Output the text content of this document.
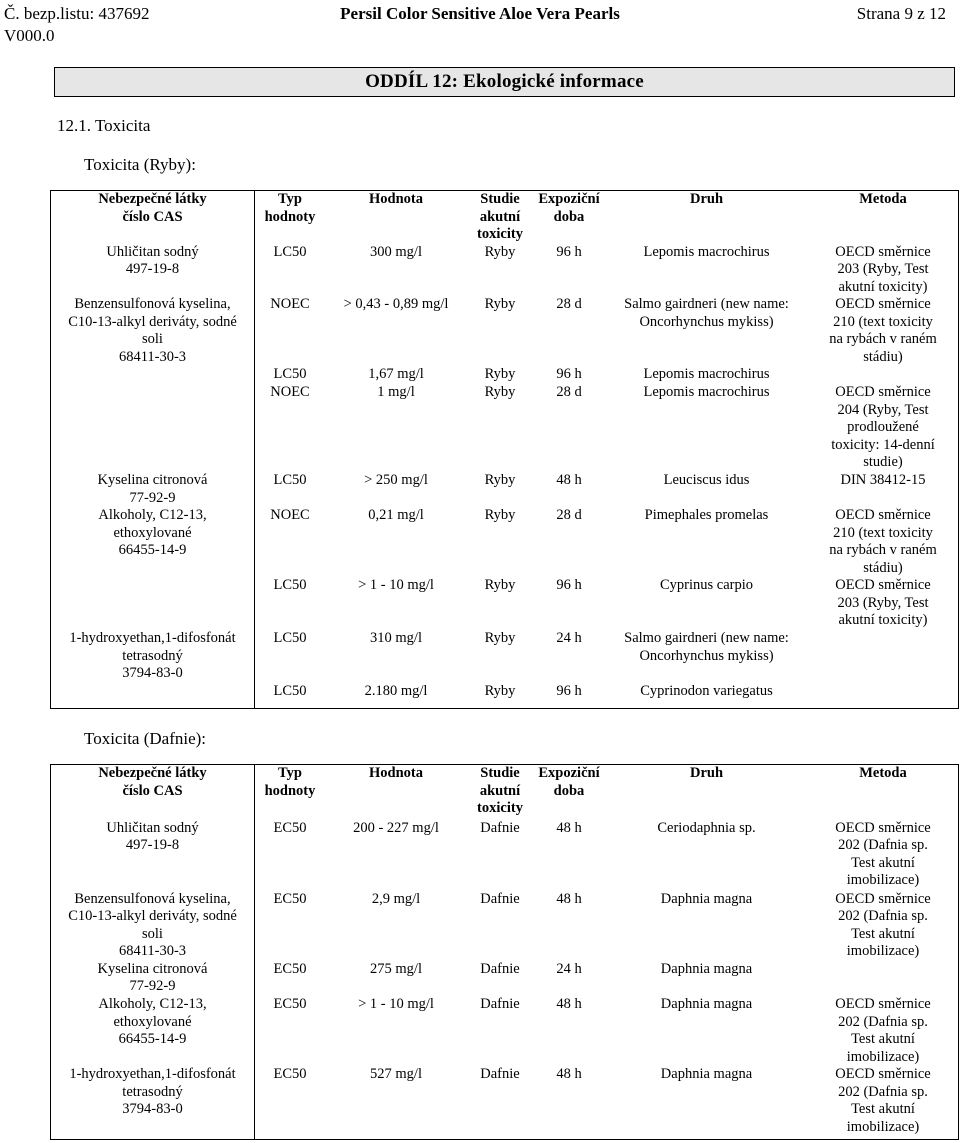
Č. bezp.listu: 437692
V000.0
Persil Color Sensitive Aloe Vera Pearls	Strana 9 z 12
ODDÍL 12: Ekologické informace
12.1. Toxicita
Toxicita (Ryby):
Nebezpečné látky
číslo CAS	Typ
hodnoty	Hodnota	Studie
akutní
toxicity	Expoziční
doba	Druh	Metoda
Uhličitan sodný
497-19-8	LC50	300 mg/l	Ryby	96 h	Lepomis macrochirus	OECD směrnice
203 (Ryby, Test
akutní toxicity)
Benzensulfonová kyselina,
C10-13-alkyl deriváty, sodné
soli
68411-30-3	NOEC	> 0,43 - 0,89 mg/l	Ryby	28 d	Salmo gairdneri (new name:
Oncorhynchus mykiss)	OECD směrnice
210 (text toxicity
na rybách v raném
stádiu)
	LC50	1,67 mg/l	Ryby	96 h	Lepomis macrochirus	
	NOEC	1 mg/l	Ryby	28 d	Lepomis macrochirus	OECD směrnice
204 (Ryby, Test
prodloužené
toxicity: 14-denní
studie)
Kyselina citronová
77-92-9	LC50	> 250 mg/l	Ryby	48 h	Leuciscus idus	DIN 38412-15
Alkoholy, C12-13,
ethoxylované
66455-14-9	NOEC	0,21 mg/l	Ryby	28 d	Pimephales promelas	OECD směrnice
210 (text toxicity
na rybách v raném
stádiu)
	LC50	> 1 - 10 mg/l	Ryby	96 h	Cyprinus carpio	OECD směrnice
203 (Ryby, Test
akutní toxicity)
1-hydroxyethan,1-difosfonát
tetrasodný
3794-83-0	LC50	310 mg/l	Ryby	24 h	Salmo gairdneri (new name:
Oncorhynchus mykiss)	
	LC50	2.180 mg/l	Ryby	96 h	Cyprinodon variegatus	
Toxicita (Dafnie):
Nebezpečné látky
číslo CAS	Typ
hodnoty	Hodnota	Studie
akutní
toxicity	Expoziční
doba	Druh	Metoda
Uhličitan sodný
497-19-8	EC50	200 - 227 mg/l	Dafnie	48 h	Ceriodaphnia sp.	OECD směrnice
202 (Dafnia sp.
Test akutní
imobilizace)
Benzensulfonová kyselina,
C10-13-alkyl deriváty, sodné
soli
68411-30-3	EC50	2,9 mg/l	Dafnie	48 h	Daphnia magna	OECD směrnice
202 (Dafnia sp.
Test akutní
imobilizace)
Kyselina citronová
77-92-9	EC50	275 mg/l	Dafnie	24 h	Daphnia magna	
Alkoholy, C12-13,
ethoxylované
66455-14-9	EC50	> 1 - 10 mg/l	Dafnie	48 h	Daphnia magna	OECD směrnice
202 (Dafnia sp.
Test akutní
imobilizace)
1-hydroxyethan,1-difosfonát
tetrasodný
3794-83-0	EC50	527 mg/l	Dafnie	48 h	Daphnia magna	OECD směrnice
202 (Dafnia sp.
Test akutní
imobilizace)
